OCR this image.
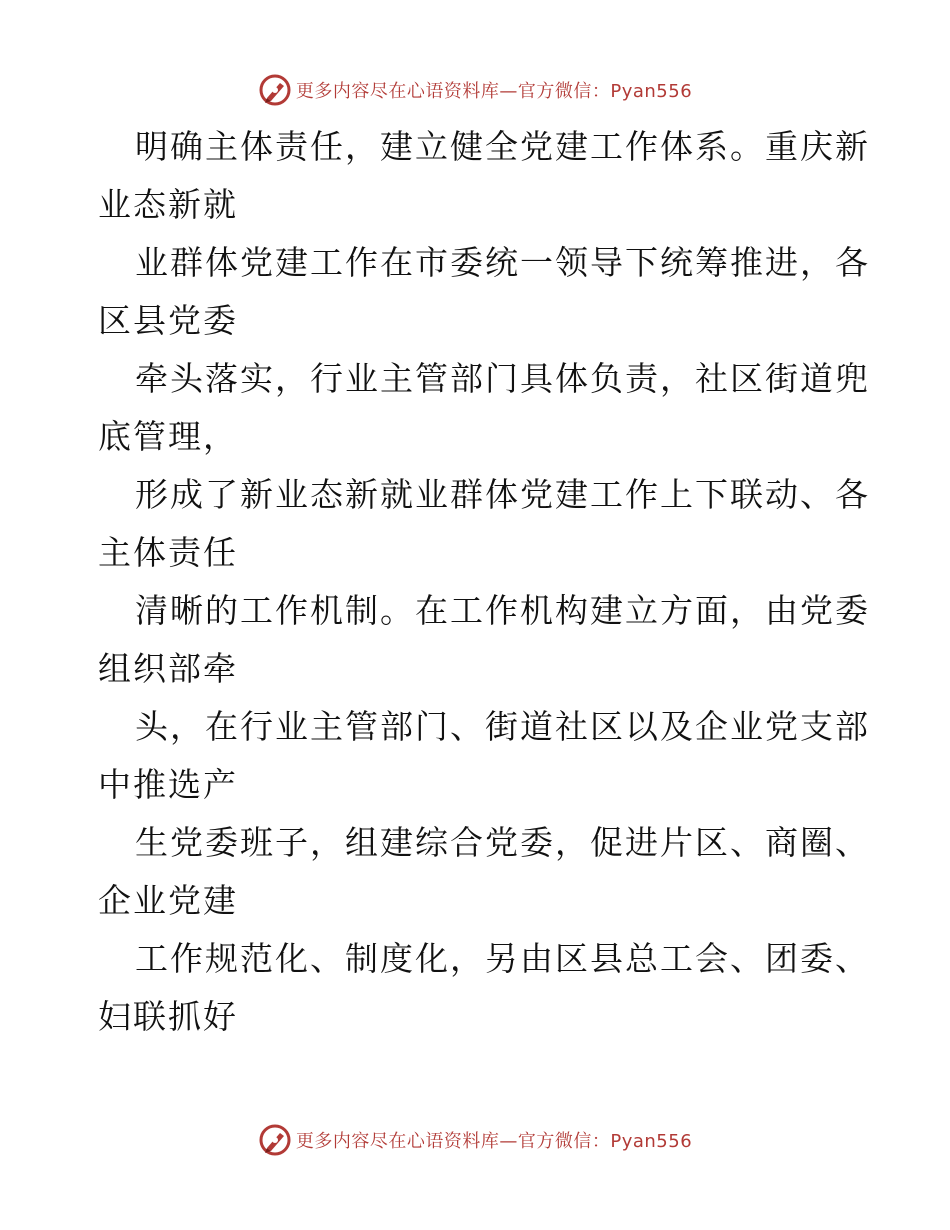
更多内容尽在心语资料库—官方微信：Pyan556
明确主体责任，建立健全党建工作体系。重庆新
业态新就
业群体党建工作在市委统一领导下统筹推进，各
区县党委
牵头落实，行业主管部门具体负责，社区街道兜
底管理，
形成了新业态新就业群体党建工作上下联动、各
主体责任
清晰的工作机制。在工作机构建立方面，由党委
组织部牵
头，在行业主管部门、街道社区以及企业党支部
中推选产
生党委班子，组建综合党委，促进片区、商圈、
企业党建
工作规范化、制度化，另由区县总工会、团委、
妇联抓好
更多内容尽在心语资料库—官方微信：Pyan556
